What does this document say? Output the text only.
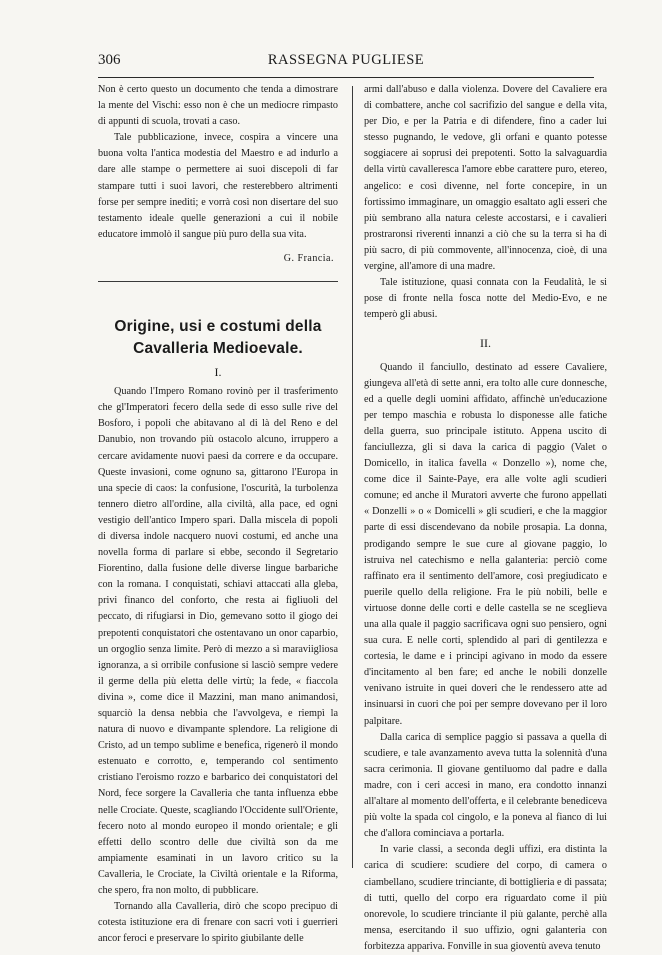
306	RASSEGNA PUGLIESE

Non è certo questo un documento che tenda a dimostrare la mente del Vischi: esso non è che un mediocre rimpasto di appunti di scuola, trovati a caso.

Tale pubblicazione, invece, cospira a vincere una buona volta l'antica modestia del Maestro e ad indurlo a dare alle stampe o permettere ai suoi discepoli di far stampare tutti i suoi lavori, che resterebbero altrimenti forse per sempre inediti; e vorrà così non disertare del suo testamento ideale quelle generazioni a cui il nobile educatore immolò il sangue più puro della sua vita.

G. Francia.
Origine, usi e costumi della Cavalleria Medioevale.
I.

Quando l'Impero Romano rovinò per il trasferimento che gl'Imperatori fecero della sede di esso sulle rive del Bosforo, i popoli che abitavano al di là del Reno e del Danubio, non trovando più ostacolo alcuno, irruppero a cercare avidamente nuovi paesi da correre e da occupare. Queste invasioni, come ognuno sa, gittarono l'Europa in una specie di caos: la confusione, l'oscurità, la turbolenza tennero dietro all'ordine, alla civiltà, alla pace, ed ogni vestigio dell'antico Impero sparì. Dalla miscela di popoli di diversa indole nacquero nuovi costumi, ed anche una novella forma di parlare si ebbe, secondo il Segretario Fiorentino, dalla fusione delle diverse lingue barbariche con la romana. I conquistati, schiavi attaccati alla gleba, privi financo del conforto, che resta ai figliuoli del peccato, di rifugiarsi in Dio, gemevano sotto il giogo dei prepotenti conquistatori che ostentavano un onor caparbio, un orgoglio senza limite. Però di mezzo a sì maraviigliosa ignoranza, a sì orribile confusione si lasciò sempre vedere il germe della più eletta delle virtù; la fede, « fiaccola divina », come dice il Mazzini, man mano animandosi, squarciò la densa nebbia che l'avvolgeva, e riempì la natura di nuovo e divampante splendore. La religione di Cristo, ad un tempo sublime e benefica, rigenerò il mondo estenuato e corrotto, e, temperando col sentimento cristiano l'eroismo rozzo e barbarico dei conquistatori del Nord, fece sorgere la Cavalleria che tanta influenza ebbe nelle Crociate. Queste, scagliando l'Occidente sull'Oriente, fecero noto al mondo europeo il mondo orientale; e gli effetti dello scontro delle due civiltà son da me ampiamente esaminati in un lavoro critico su la Cavalleria, le Crociate, la Civiltà orientale e la Riforma, che spero, fra non molto, di pubblicare.

Tornando alla Cavalleria, dirò che scopo precipuo di cotesta istituzione era di frenare con sacri voti i guerrieri ancor feroci e preservare lo spirito giubilante delle

armi dall'abuso e dalla violenza. Dovere del Cavaliere era di combattere, anche col sacrifizio del sangue e della vita, per Dio, e per la Patria e di difendere, fino a cader lui stesso pugnando, le vedove, gli orfani e quanto potesse soggiacere ai soprusi dei prepotenti. Sotto la salvaguardia della virtù cavalleresca l'amore ebbe carattere puro, etereo, angelico: e così divenne, nel forte concepire, in un fortissimo immaginare, un omaggio esaltato agli esseri che più sembrano alla natura celeste accostarsi, e i cavalieri prostraronsi riverenti innanzi a ciò che su la terra si ha di più sacro, di più commovente, all'innocenza, cioè, di una vergine, all'amore di una madre.

Tale istituzione, quasi connata con la Feudalità, le si pose di fronte nella fosca notte del Medio-Evo, e ne temperò gli abusi.

II.

Quando il fanciullo, destinato ad essere Cavaliere, giungeva all'età di sette anni, era tolto alle cure donnesche, ed a quelle degli uomini affidato, affinchè un'educazione per tempo maschia e robusta lo disponesse alle fatiche della guerra, suo principale istituto. Appena uscito di fanciullezza, gli si dava la carica di paggio (Valet o Domicello, in italica favella « Donzello »), nome che, come dice il Sainte-Paye, era alle volte agli scudieri comune; ed anche il Muratori avverte che furono appellati « Donzelli » o « Domicelli » gli scudieri, e che la maggior parte di essi discendevano da nobile prosapia. La donna, prodigando sempre le sue cure al giovane paggio, lo istruiva nel catechismo e nella galanteria: perciò come raffinato era il sentimento dell'amore, così pregiudicato e puerile quello della religione. Fra le più nobili, belle e virtuose donne delle corti e delle castella se ne sceglieva una alla quale il paggio sacrificava ogni suo pensiero, ogni sua cura. E nelle corti, splendido al pari di gentilezza e cortesia, le dame e i principi agivano in modo da essere d'incitamento al ben fare; ed anche le nobili donzelle venivano istruite in quei doveri che le rendessero atte ad insinuarsi in cuori che poi per sempre dovevano per il loro palpitare.

Dalla carica di semplice paggio si passava a quella di scudiere, e tale avanzamento aveva tutta la solennità d'una sacra cerimonia. Il giovane gentiluomo dal padre e dalla madre, con i ceri accesi in mano, era condotto innanzi all'altare al momento dell'offerta, e il celebrante benediceva più volte la spada col cingolo, e la poneva al fianco di lui che d'allora cominciava a portarla.

In varie classi, a seconda degli uffizi, era distinta la carica di scudiere: scudiere del corpo, di camera o ciambellano, scudiere trinciante, di bottiglieria e di passata; di tutti, quello del corpo era riguardato come il più onorevole, lo scudiere trinciante il più galante, perchè alla mensa, esercitando il suo uffizio, ogni galanteria con forbitezza appariva. Fonville in sua gioventù aveva tenuto
